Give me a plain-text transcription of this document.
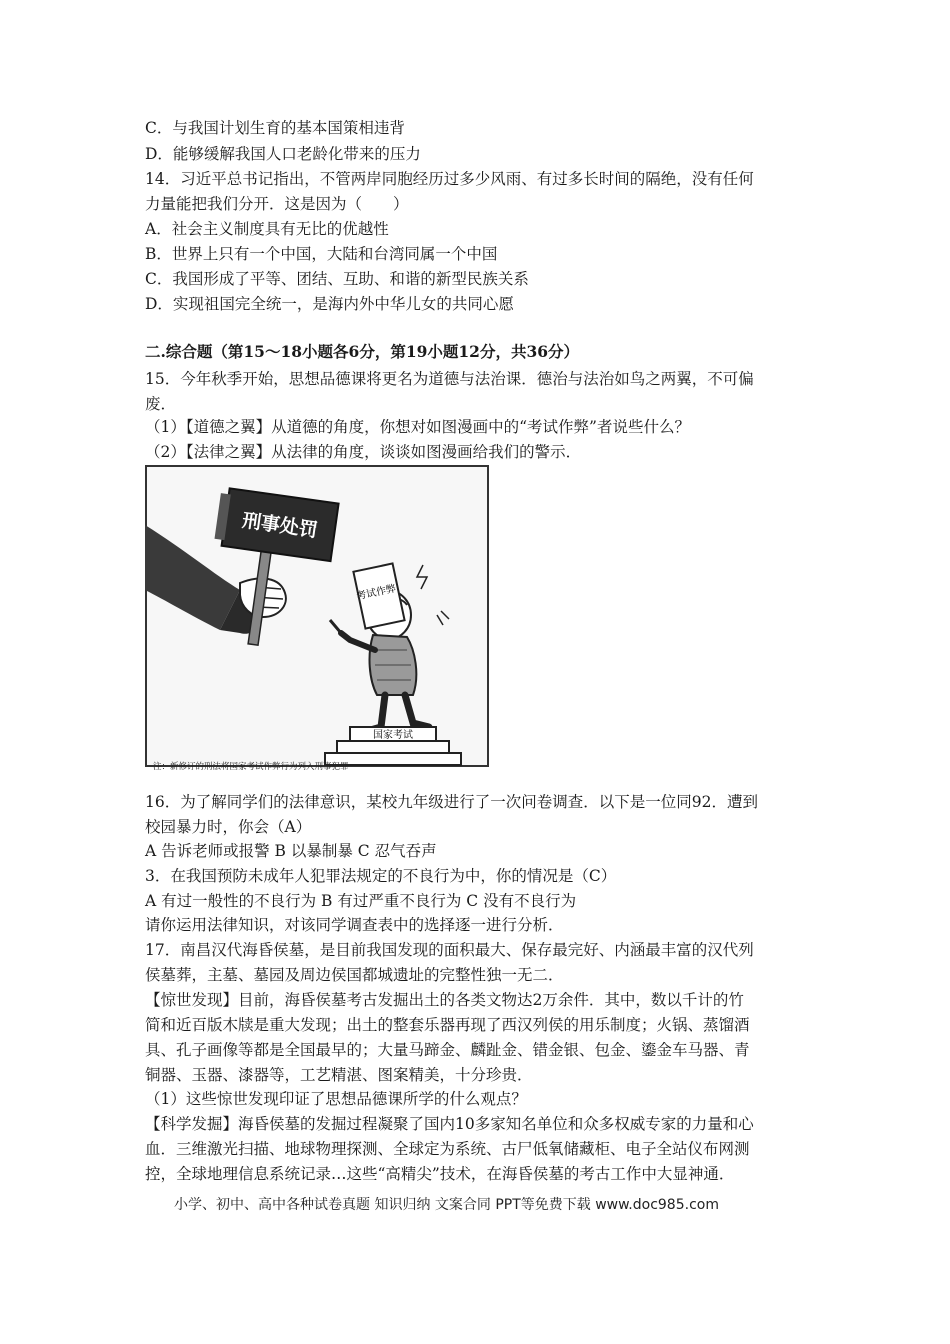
C．与我国计划生育的基本国策相违背
D．能够缓解我国人口老龄化带来的压力
14．习近平总书记指出，不管两岸同胞经历过多少风雨、有过多长时间的隔绝，没有任何
力量能把我们分开．这是因为（　　）
A．社会主义制度具有无比的优越性
B．世界上只有一个中国，大陆和台湾同属一个中国
C．我国形成了平等、团结、互助、和谐的新型民族关系
D．实现祖国完全统一，是海内外中华儿女的共同心愿
二.综合题（第15～18小题各6分，第19小题12分，共36分）
15．今年秋季开始，思想品德课将更名为道德与法治课．德治与法治如鸟之两翼，不可偏
废．
（1）【道德之翼】从道德的角度，你想对如图漫画中的“考试作弊”者说些什么？
（2）【法律之翼】从法律的角度，谈谈如图漫画给我们的警示．
刑事处罚
考试作弊
国家考试
注：新修订的刑法将国家考试作弊行为列入刑事犯罪
16．为了解同学们的法律意识，某校九年级进行了一次问卷调查．以下是一位同92．遭到
校园暴力时，你会（A）
A 告诉老师或报警 B 以暴制暴 C 忍气吞声
3．在我国预防未成年人犯罪法规定的不良行为中，你的情况是（C）
A 有过一般性的不良行为 B 有过严重不良行为 C 没有不良行为
请你运用法律知识，对该同学调查表中的选择逐一进行分析．
17．南昌汉代海昏侯墓，是目前我国发现的面积最大、保存最完好、内涵最丰富的汉代列
侯墓葬，主墓、墓园及周边侯国都城遗址的完整性独一无二．
【惊世发现】目前，海昏侯墓考古发掘出土的各类文物达2万余件．其中，数以千计的竹
简和近百版木牍是重大发现；出土的整套乐器再现了西汉列侯的用乐制度；火锅、蒸馏酒
具、孔子画像等都是全国最早的；大量马蹄金、麟趾金、错金银、包金、鎏金车马器、青
铜器、玉器、漆器等，工艺精湛、图案精美，十分珍贵．
（1）这些惊世发现印证了思想品德课所学的什么观点？
【科学发掘】海昏侯墓的发掘过程凝聚了国内10多家知名单位和众多权威专家的力量和心
血．三维激光扫描、地球物理探测、全球定为系统、古尸低氧储藏柜、电子全站仪布网测
控，全球地理信息系统记录…这些“高精尖”技术，在海昏侯墓的考古工作中大显神通．
小学、初中、高中各种试卷真题 知识归纳 文案合同 PPT等免费下载 www.doc985.com
